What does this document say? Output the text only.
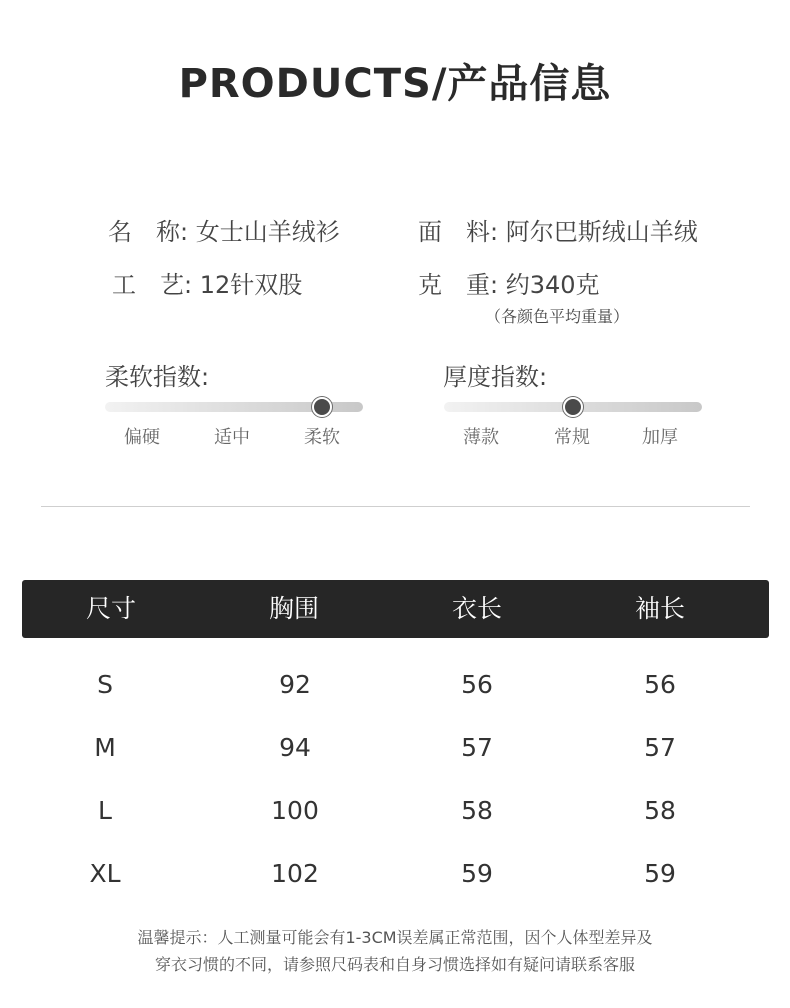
PRODUCTS/产品信息
名 称: 女士山羊绒衫	面 料: 阿尔巴斯绒山羊绒
工 艺: 12针双股	克 重: 约340克
（各颜色平均重量）
柔软指数:
偏硬	适中	柔软
厚度指数:
薄款	常规	加厚
尺寸	胸围	衣长	袖长
S	92	56	56
M	94	57	57
L	100	58	58
XL	102	59	59
温馨提示：人工测量可能会有1-3CM误差属正常范围，因个人体型差异及
穿衣习惯的不同，请参照尺码表和自身习惯选择如有疑问请联系客服
